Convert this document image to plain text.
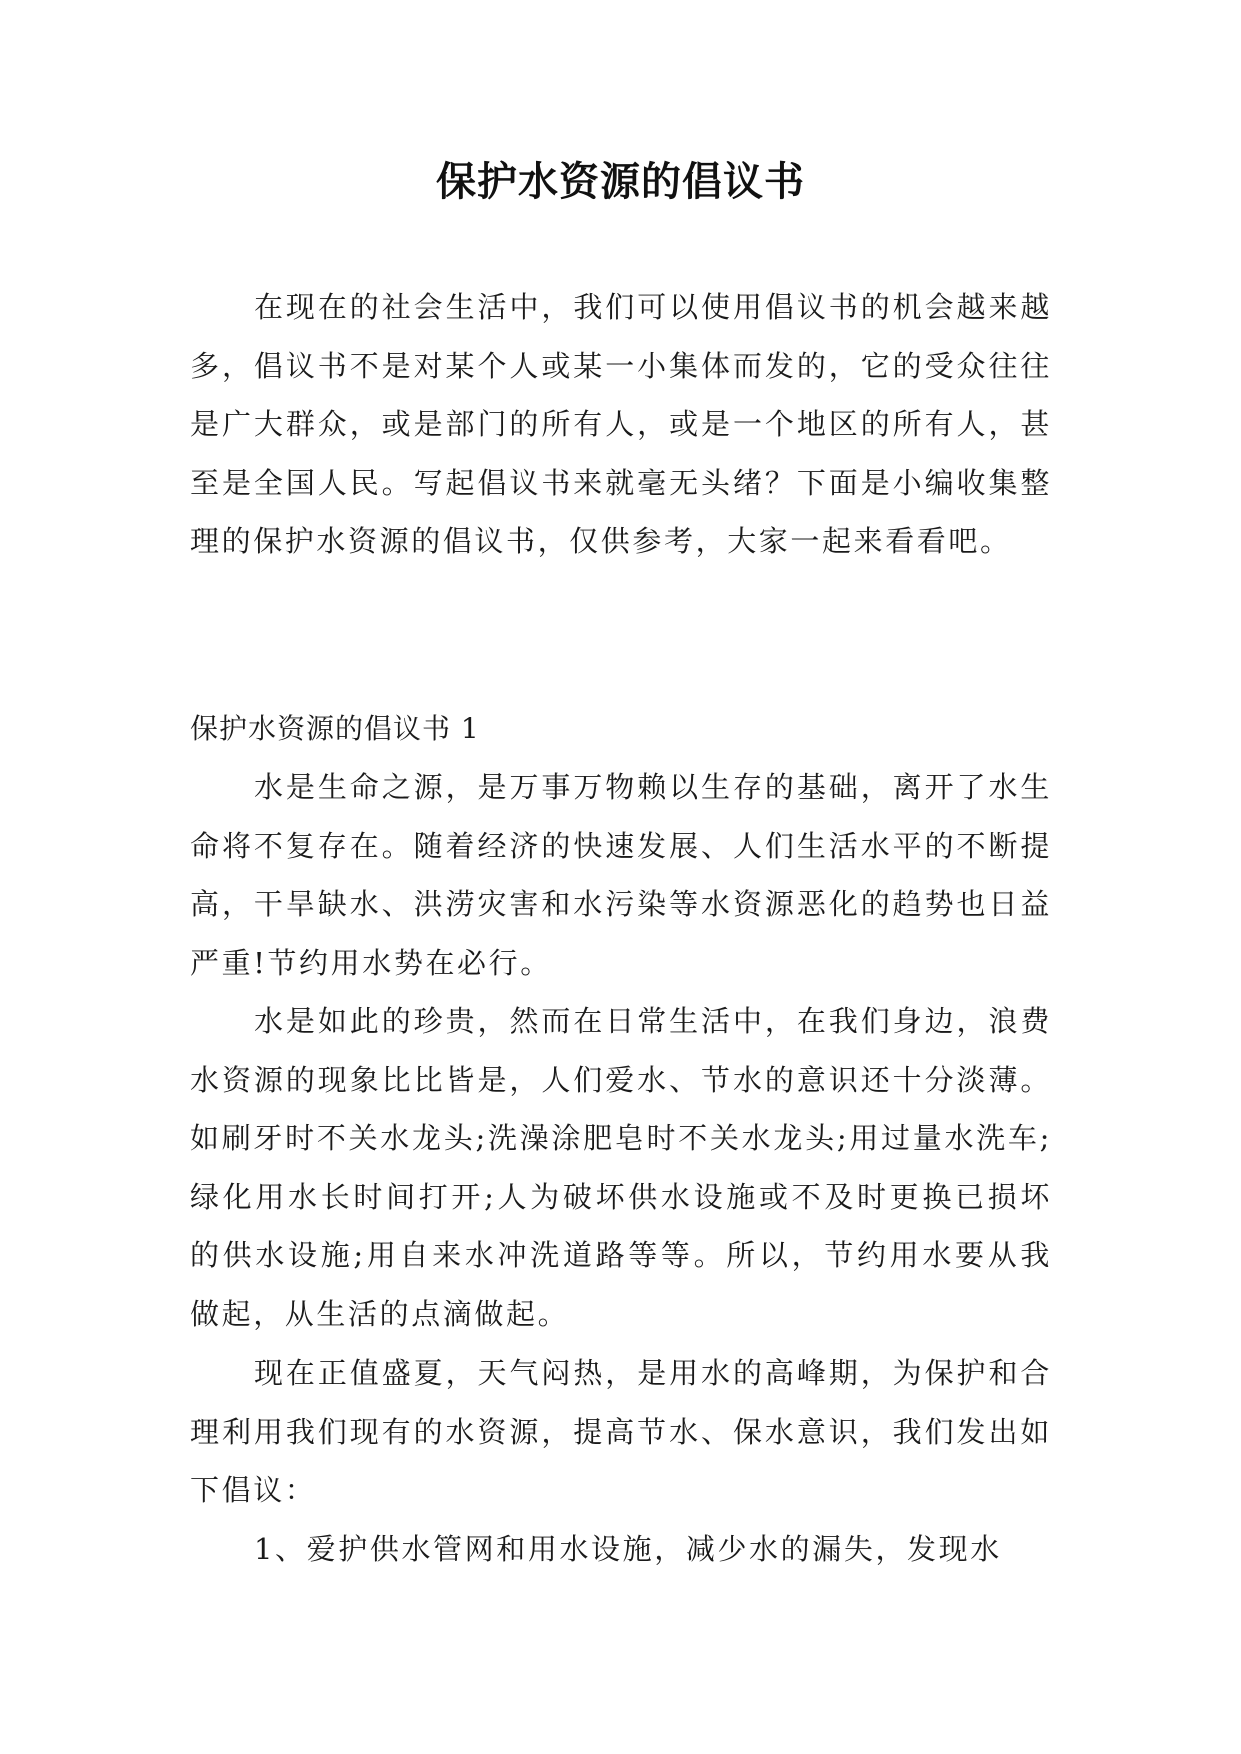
保护水资源的倡议书

在现在的社会生活中，我们可以使用倡议书的机会越来越多，倡议书不是对某个人或某一小集体而发的，它的受众往往是广大群众，或是部门的所有人，或是一个地区的所有人，甚至是全国人民。写起倡议书来就毫无头绪？下面是小编收集整理的保护水资源的倡议书，仅供参考，大家一起来看看吧。

保护水资源的倡议书 1

水是生命之源，是万事万物赖以生存的基础，离开了水生命将不复存在。随着经济的快速发展、人们生活水平的不断提高，干旱缺水、洪涝灾害和水污染等水资源恶化的趋势也日益严重!节约用水势在必行。

水是如此的珍贵，然而在日常生活中，在我们身边，浪费水资源的现象比比皆是，人们爱水、节水的意识还十分淡薄。如刷牙时不关水龙头;洗澡涂肥皂时不关水龙头;用过量水洗车;绿化用水长时间打开;人为破坏供水设施或不及时更换已损坏的供水设施;用自来水冲洗道路等等。所以，节约用水要从我做起，从生活的点滴做起。

现在正值盛夏，天气闷热，是用水的高峰期，为保护和合理利用我们现有的水资源，提高节水、保水意识，我们发出如下倡议：

1、爱护供水管网和用水设施，减少水的漏失，发现水
